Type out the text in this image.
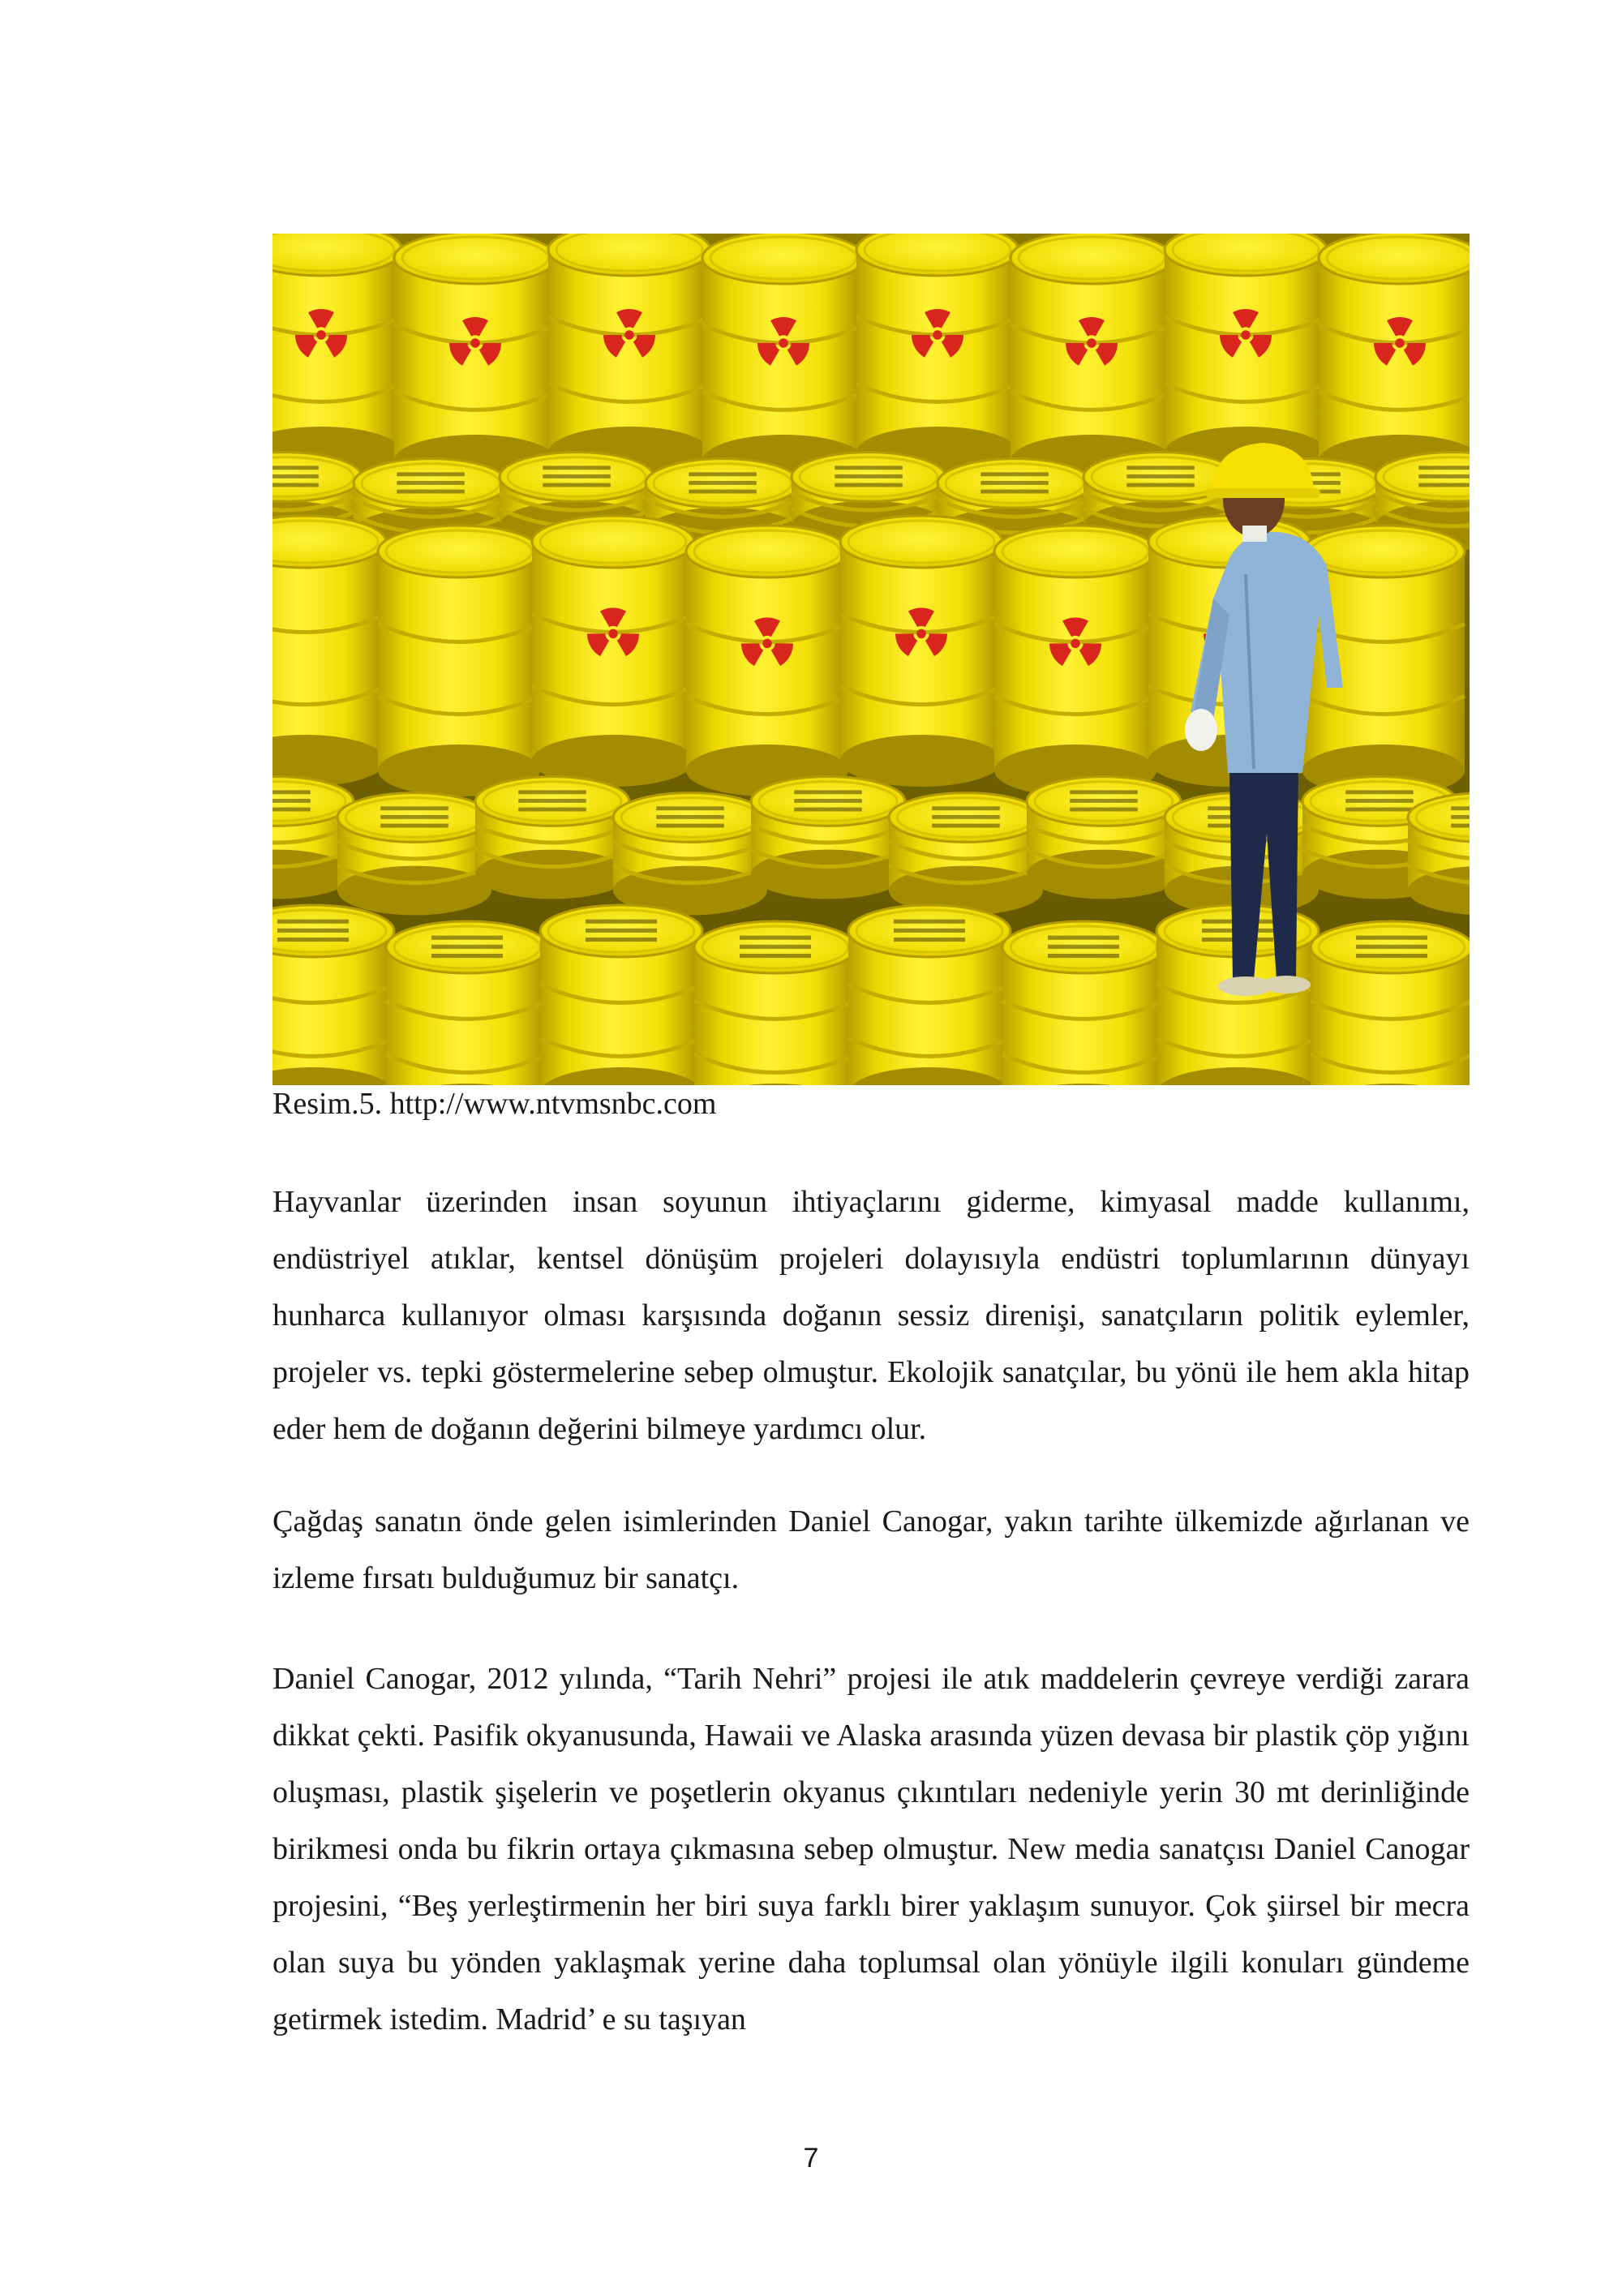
Resim.5. http://www.ntvmsnbc.com

Hayvanlar üzerinden insan soyunun ihtiyaçlarını giderme, kimyasal madde kullanımı, endüstriyel atıklar, kentsel dönüşüm projeleri dolayısıyla endüstri toplumlarının dünyayı hunharca kullanıyor olması karşısında doğanın sessiz direnişi, sanatçıların politik eylemler, projeler vs. tepki göstermelerine sebep olmuştur. Ekolojik sanatçılar, bu yönü ile hem akla hitap eder hem de doğanın değerini bilmeye yardımcı olur.

Çağdaş sanatın önde gelen isimlerinden Daniel Canogar, yakın tarihte ülkemizde ağırlanan ve izleme fırsatı bulduğumuz bir sanatçı.

Daniel Canogar, 2012 yılında, “Tarih Nehri” projesi ile atık maddelerin çevreye verdiği zarara dikkat çekti. Pasifik okyanusunda, Hawaii ve Alaska arasında yüzen devasa bir plastik çöp yığını oluşması, plastik şişelerin ve poşetlerin okyanus çıkıntıları nedeniyle yerin 30 mt derinliğinde birikmesi onda bu fikrin ortaya çıkmasına sebep olmuştur. New media sanatçısı Daniel Canogar projesini, “Beş yerleştirmenin her biri suya farklı birer yaklaşım sunuyor. Çok şiirsel bir mecra olan suya bu yönden yaklaşmak yerine daha toplumsal olan yönüyle ilgili konuları gündeme getirmek istedim. Madrid’ e su taşıyan

7
